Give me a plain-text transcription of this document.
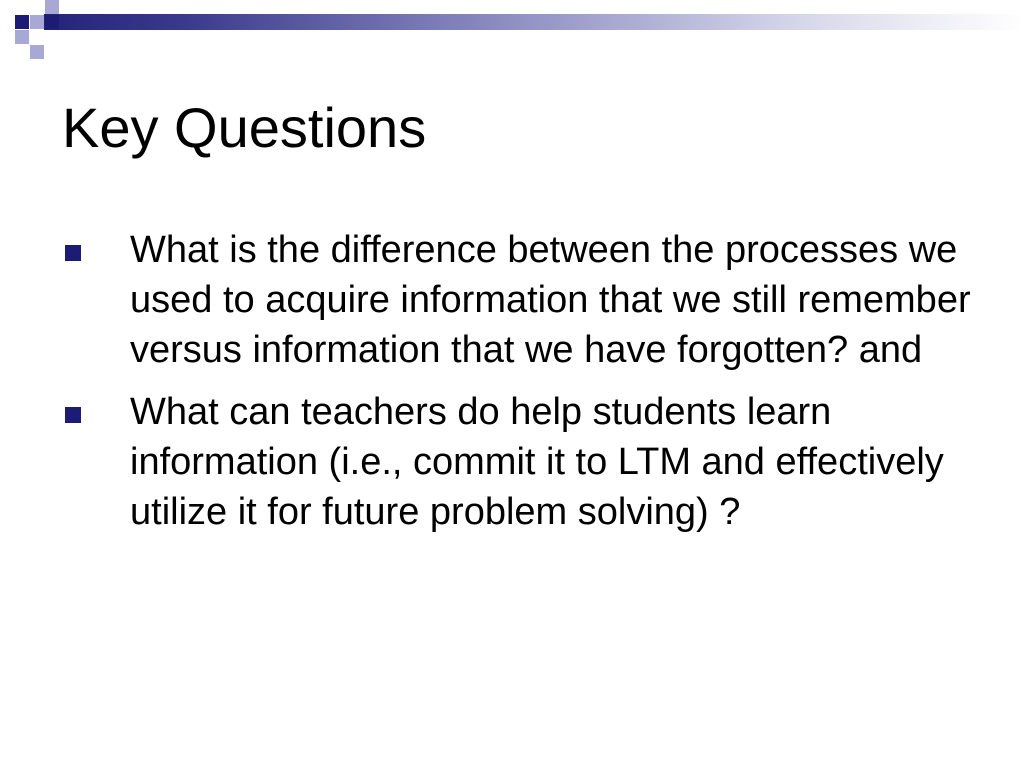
Key Questions
What is the difference between the processes we used to acquire information that we still remember versus information that we have forgotten? and
What can teachers do help students learn information (i.e., commit it to LTM and effectively utilize it for future problem solving) ?
